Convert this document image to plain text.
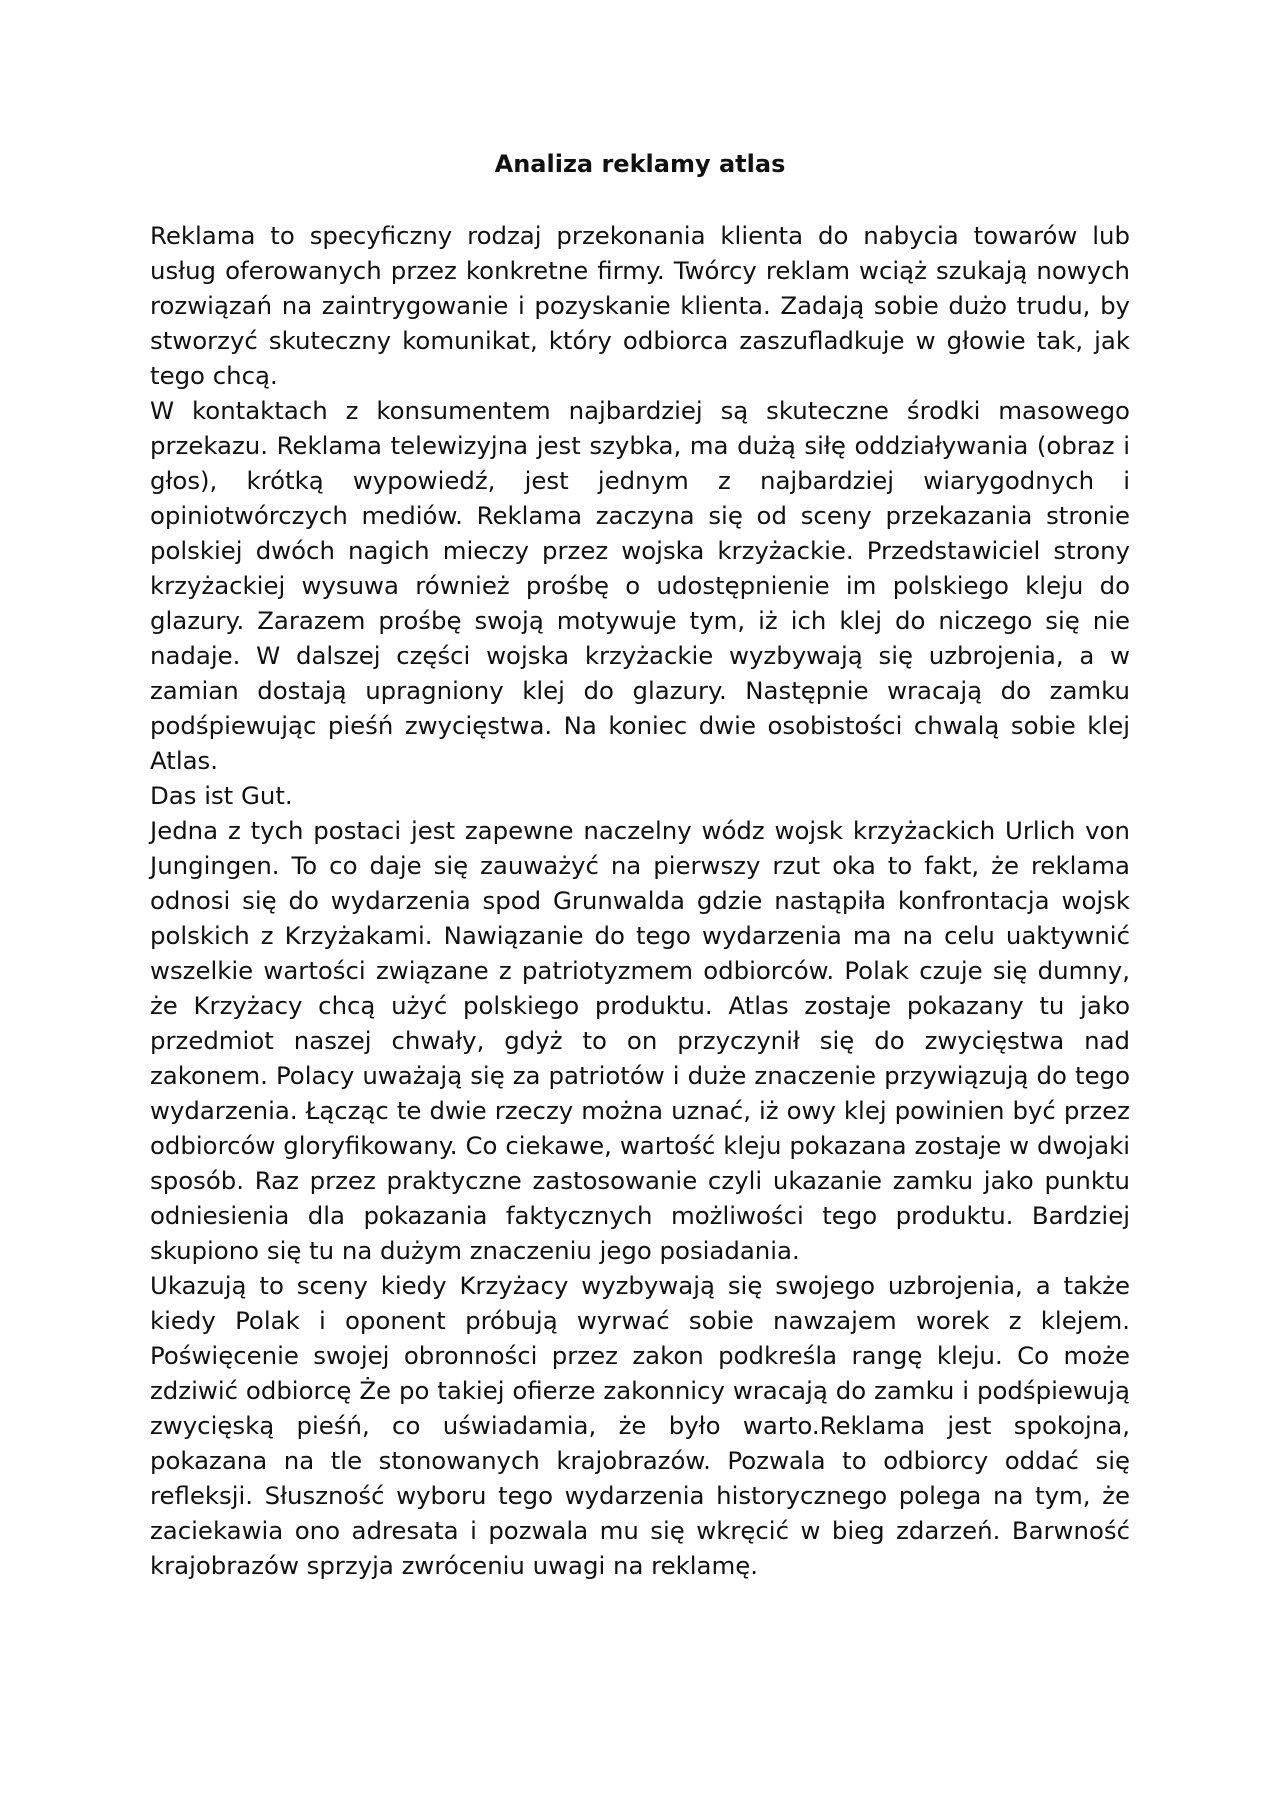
Analiza reklamy atlas

Reklama to specyficzny rodzaj przekonania klienta do nabycia towarów lub usług oferowanych przez konkretne firmy. Twórcy reklam wciąż szukają nowych rozwiązań na zaintrygowanie i pozyskanie klienta. Zadają sobie dużo trudu, by stworzyć skuteczny komunikat, który odbiorca zaszufladkuje w głowie tak, jak tego chcą.

W kontaktach z konsumentem najbardziej są skuteczne środki masowego przekazu. Reklama telewizyjna jest szybka, ma dużą siłę oddziaływania (obraz i głos), krótką wypowiedź, jest jednym z najbardziej wiarygodnych i opiniotwórczych mediów. Reklama zaczyna się od sceny przekazania stronie polskiej dwóch nagich mieczy przez wojska krzyżackie. Przedstawiciel strony krzyżackiej wysuwa również prośbę o udostępnienie im polskiego kleju do glazury. Zarazem prośbę swoją motywuje tym, iż ich klej do niczego się nie nadaje. W dalszej części wojska krzyżackie wyzbywają się uzbrojenia, a w zamian dostają upragniony klej do glazury. Następnie wracają do zamku podśpiewując pieśń zwycięstwa. Na koniec dwie osobistości chwalą sobie klej Atlas.

Das ist Gut.

Jedna z tych postaci jest zapewne naczelny wódz wojsk krzyżackich Urlich von Jungingen. To co daje się zauważyć na pierwszy rzut oka to fakt, że reklama odnosi się do wydarzenia spod Grunwalda gdzie nastąpiła konfrontacja wojsk polskich z Krzyżakami. Nawiązanie do tego wydarzenia ma na celu uaktywnić wszelkie wartości związane z patriotyzmem odbiorców. Polak czuje się dumny, że Krzyżacy chcą użyć polskiego produktu. Atlas zostaje pokazany tu jako przedmiot naszej chwały, gdyż to on przyczynił się do zwycięstwa nad zakonem. Polacy uważają się za patriotów i duże znaczenie przywiązują do tego wydarzenia. Łącząc te dwie rzeczy można uznać, iż owy klej powinien być przez odbiorców gloryfikowany. Co ciekawe, wartość kleju pokazana zostaje w dwojaki sposób. Raz przez praktyczne zastosowanie czyli ukazanie zamku jako punktu odniesienia dla pokazania faktycznych możliwości tego produktu. Bardziej skupiono się tu na dużym znaczeniu jego posiadania.

Ukazują to sceny kiedy Krzyżacy wyzbywają się swojego uzbrojenia, a także kiedy Polak i oponent próbują wyrwać sobie nawzajem worek z klejem. Poświęcenie swojej obronności przez zakon podkreśla rangę kleju. Co może zdziwić odbiorcę Że po takiej ofierze zakonnicy wracają do zamku i podśpiewują zwycięską pieśń, co uświadamia, że było warto.Reklama jest spokojna, pokazana na tle stonowanych krajobrazów. Pozwala to odbiorcy oddać się refleksji. Słuszność wyboru tego wydarzenia historycznego polega na tym, że zaciekawia ono adresata i pozwala mu się wkręcić w bieg zdarzeń. Barwność krajobrazów sprzyja zwróceniu uwagi na reklamę.
